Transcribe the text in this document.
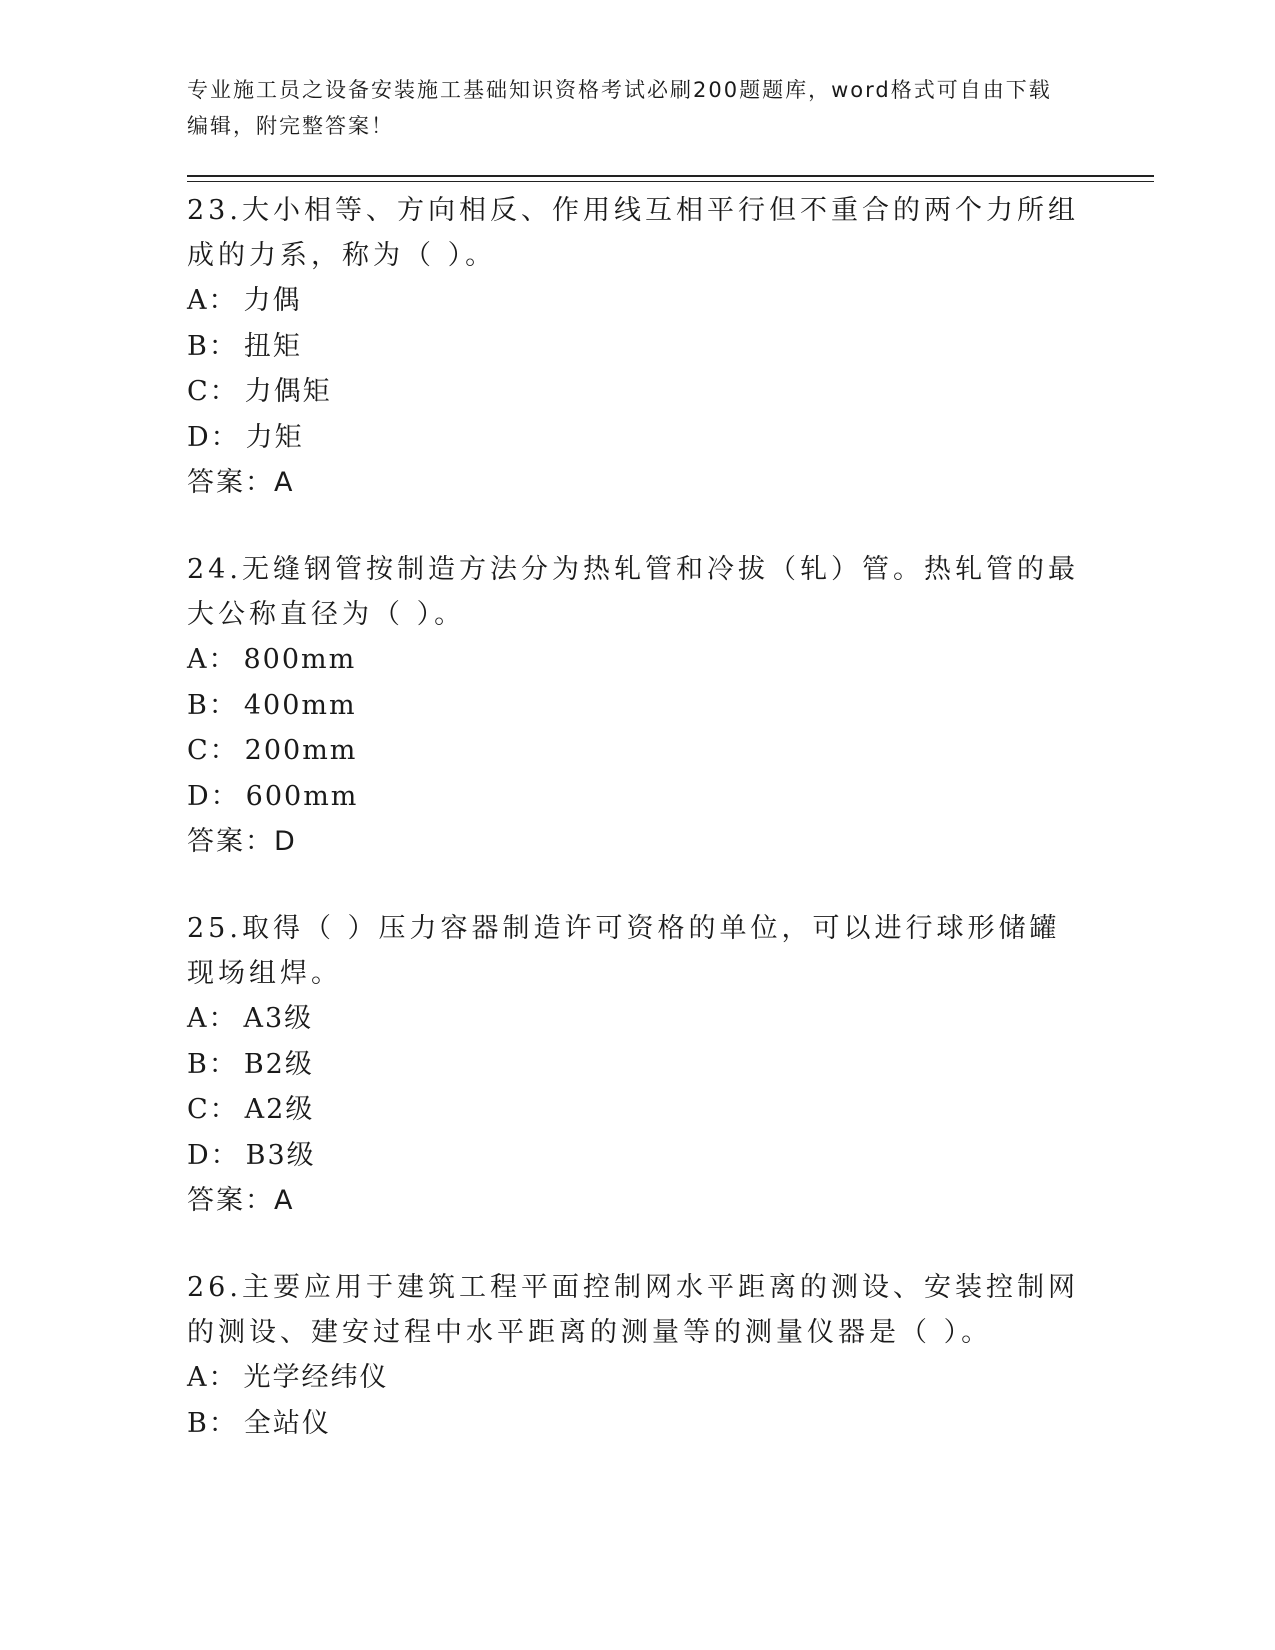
专业施工员之设备安装施工基础知识资格考试必刷200题题库，word格式可自由下载编辑，附完整答案！

23.大小相等、方向相反、作用线互相平行但不重合的两个力所组成的力系，称为（ ）。

A： 力偶

B： 扭矩

C： 力偶矩

D： 力矩

答案：A

24.无缝钢管按制造方法分为热轧管和冷拔（轧）管。热轧管的最大公称直径为（ ）。

A： 800mm

B： 400mm

C： 200mm

D： 600mm

答案：D

25.取得（ ）压力容器制造许可资格的单位，可以进行球形储罐现场组焊。

A： A3级

B： B2级

C： A2级

D： B3级

答案：A

26.主要应用于建筑工程平面控制网水平距离的测设、安装控制网的测设、建安过程中水平距离的测量等的测量仪器是（ ）。

A： 光学经纬仪

B： 全站仪
